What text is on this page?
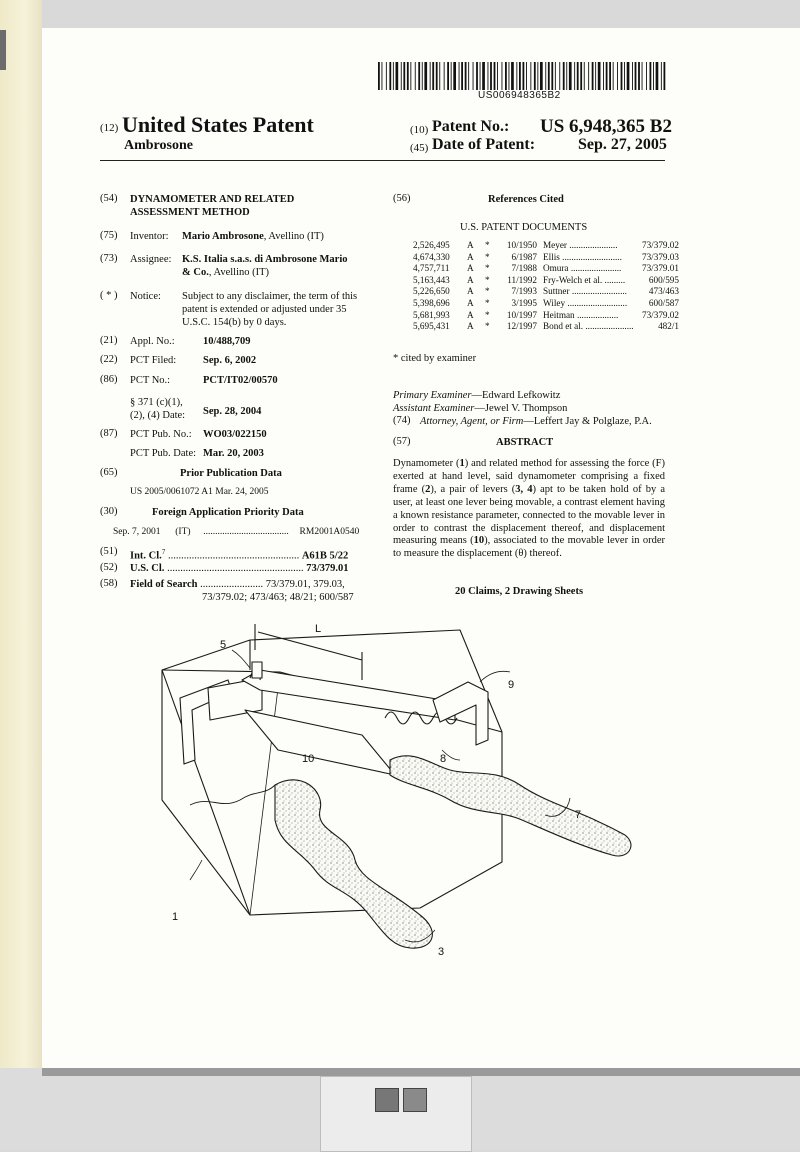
US006948365B2
(12) United States Patent
Ambrosone
(10) Patent No.: US 6,948,365 B2
(45) Date of Patent:	Sep. 27, 2005
(54) DYNAMOMETER AND RELATED
ASSESSMENT METHOD
(75) Inventor: Mario Ambrosone, Avellino (IT)
(73) Assignee: K.S. Italia s.a.s. di Ambrosone Mario
& Co., Avellino (IT)
( * ) Notice: Subject to any disclaimer, the term of this
patent is extended or adjusted under 35
U.S.C. 154(b) by 0 days.
(21) Appl. No.:	10/488,709
(22) PCT Filed:	Sep. 6, 2002
(86) PCT No.:	PCT/IT02/00570
§ 371 (c)(1),
(2), (4) Date: Sep. 28, 2004
(87) PCT Pub. No.: WO03/022150
PCT Pub. Date: Mar. 20, 2003
(65)	Prior Publication Data
US 2005/0061072 A1 Mar. 24, 2005
(30)	Foreign Application Priority Data
Sep. 7, 2001 (IT) .................................... RM2001A0540
(51) Int. Cl.$^7$ .................................................. A61B 5/22
(52) U.S. Cl. .................................................... 73/379.01
(58) Field of Search ........................ 73/379.01, 379.03,
73/379.02; 473/463; 48/21; 600/587
(56)	References Cited
U.S. PATENT DOCUMENTS
2,526,495 A * 10/1950 Meyer .....................	73/379.02
4,674,330 A * 6/1987 Ellis .......................... 73/379.03
4,757,711 A * 7/1988 Omura ...................... 73/379.01
5,163,443 A * 11/1992 Fry-Welch et al. .........	600/595
5,226,650 A * 7/1993 Suttner ........................ 473/463
5,398,696 A * 3/1995 Wiley .......................... 600/587
5,681,993 A * 10/1997 Heitman ..................	73/379.02
5,695,431 A * 12/1997 Bond et al. .....................	482/1
* cited by examiner
Primary Examiner—Edward Lefkowitz
Assistant Examiner—Jewel V. Thompson
(74) Attorney, Agent, or Firm—Leffert Jay & Polglaze, P.A.
(57)	ABSTRACT
Dynamometer (1) and related method for assessing the force (F) exerted at hand level, said dynamometer comprising a fixed frame (2), a pair of levers (3, 4) apt to be taken hold of by a user, at least one lever being movable, a contrast element having a known resistance parameter, connected to the movable lever in order to contrast the displacement thereof, and displacement measuring means (10), associated to the movable lever in order to measure the displacement (θ) thereof.
20 Claims, 2 Drawing Sheets
5
L
9
8
10
7
3
1
